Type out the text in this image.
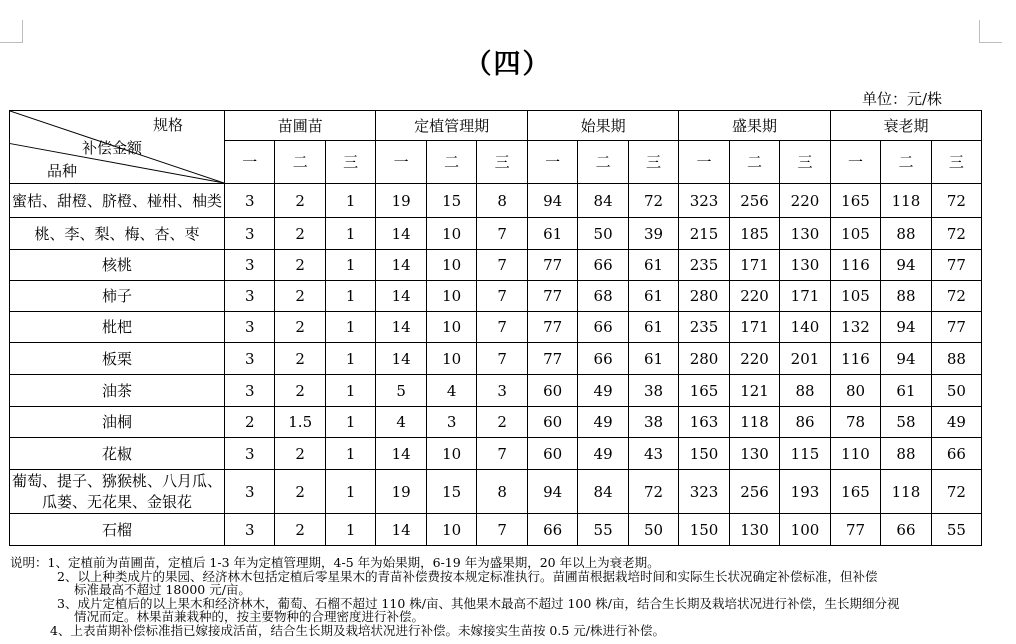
（四）
单位：元/株
规格
补偿金额
品种	苗圃苗			定植管理期			始果期			盛果期			衰老期		
	一	二	三	一	二	三	一	二	三	一	二	三	一	二	三
蜜桔、甜橙、脐橙、椪柑、柚类	3	2	1	19	15	8	94	84	72	323	256	220	165	118	72
桃、李、梨、梅、杏、枣	3	2	1	14	10	7	61	50	39	215	185	130	105	88	72
核桃	3	2	1	14	10	7	77	66	61	235	171	130	116	94	77
柿子	3	2	1	14	10	7	77	68	61	280	220	171	105	88	72
枇杷	3	2	1	14	10	7	77	66	61	235	171	140	132	94	77
板栗	3	2	1	14	10	7	77	66	61	280	220	201	116	94	88
油茶	3	2	1	5	4	3	60	49	38	165	121	88	80	61	50
油桐	2	1.5	1	4	3	2	60	49	38	163	118	86	78	58	49
花椒	3	2	1	14	10	7	60	49	43	150	130	115	110	88	66

葡萄、提子、猕猴桃、八月瓜、
瓜蒌、无花果、金银花	3	2	1	19	15	8	94	84	72	323	256	193	165	118	72
石榴	3	2	1	14	10	7	66	55	50	150	130	100	77	66	55
说明：1、定植前为苗圃苗，定植后 1-3 年为定植管理期，4-5 年为始果期，6-19 年为盛果期，20 年以上为衰老期。
2、以上种类成片的果园、经济林木包括定植后零星果木的青苗补偿费按本规定标准执行。苗圃苗根据栽培时间和实际生长状况确定补偿标准，但补偿
标准最高不超过 18000 元/亩。
3、成片定植后的以上果木和经济林木，葡萄、石榴不超过 110 株/亩、其他果木最高不超过 100 株/亩，结合生长期及栽培状况进行补偿，生长期细分视
情况而定。林果苗兼栽种的，按主要物种的合理密度进行补偿。
4、上表苗期补偿标准指已嫁接成活苗，结合生长期及栽培状况进行补偿。未嫁接实生苗按 0.5 元/株进行补偿。
